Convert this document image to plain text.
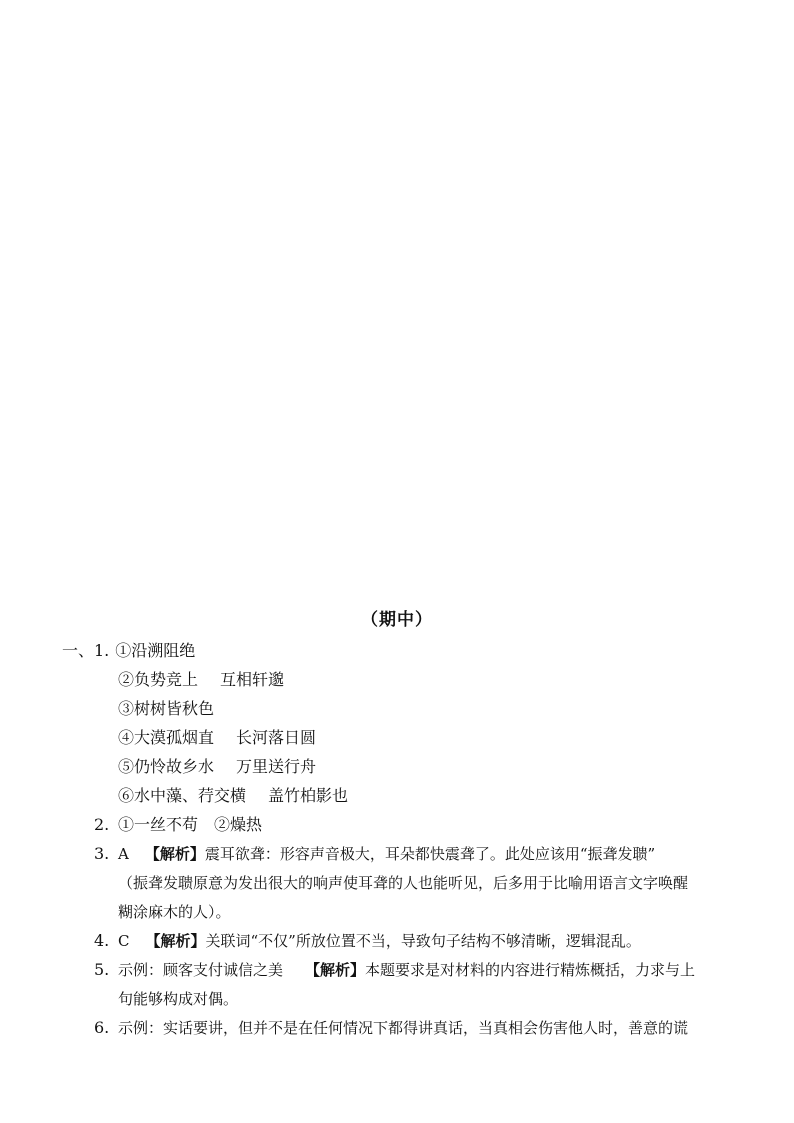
（期中）
一、1. ①沿溯阻绝
②负势竞上 互相轩邈
③树树皆秋色
④大漠孤烟直 长河落日圆
⑤仍怜故乡水 万里送行舟
⑥水中藻、荇交横 盖竹柏影也
2. ①一丝不苟 ②燥热
3. A 【解析】震耳欲聋：形容声音极大，耳朵都快震聋了。此处应该用“振聋发聩”
（振聋发聩原意为发出很大的响声使耳聋的人也能听见，后多用于比喻用语言文字唤醒
糊涂麻木的人）。
4. C 【解析】关联词“不仅”所放位置不当，导致句子结构不够清晰，逻辑混乱。
5. 示例：顾客支付诚信之美 【解析】本题要求是对材料的内容进行精炼概括，力求与上
句能够构成对偶。
6. 示例：实话要讲，但并不是在任何情况下都得讲真话，当真相会伤害他人时，善意的谎
